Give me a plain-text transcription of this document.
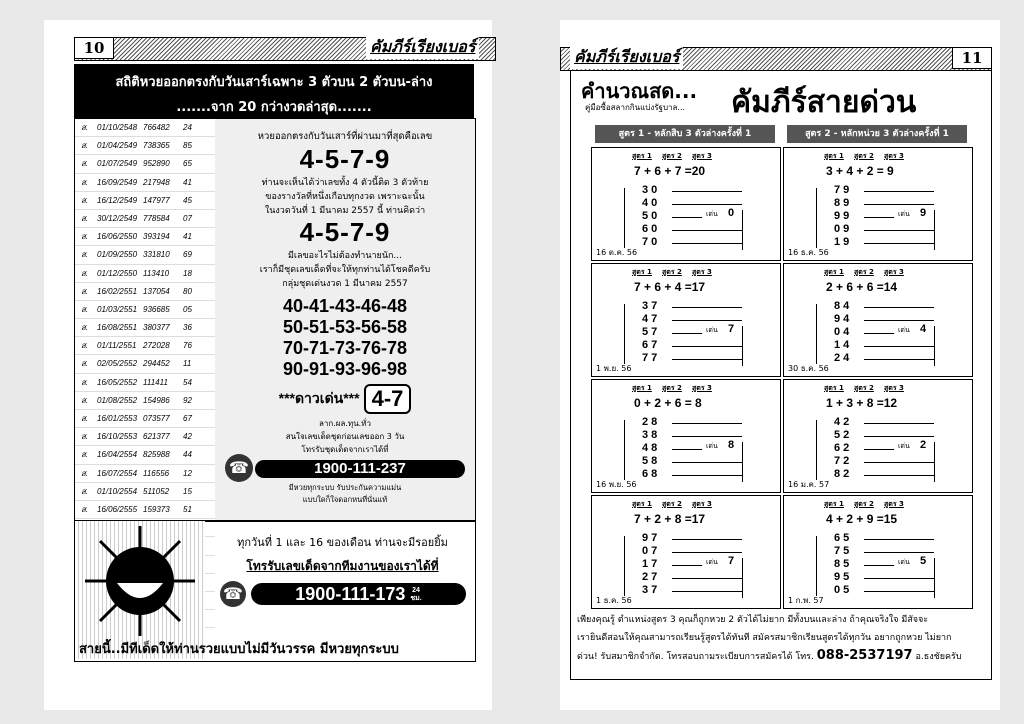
10	คัมภีร์เรียงเบอร์
สถิติหวยออกตรงกับวันเสาร์เฉพาะ 3 ตัวบน 2 ตัวบน-ล่าง
.......จาก 20 กว่างวดล่าสุด.......
ส.	01/10/2548 766482	24
ส.	01/04/2549 738365	85
ส.	01/07/2549 952890	65
ส.	16/09/2549 217948	41
ส.	16/12/2549 147977	45
ส.	30/12/2549 778584	07
ส.	16/06/2550 393194	41
ส.	01/09/2550 331810	69
ส.	01/12/2550 113410	18
ส.	16/02/2551 137054	80
ส.	01/03/2551 936685	05
ส.	16/08/2551 380377	36
ส.	01/11/2551 272028	76
ส.	02/05/2552 294452	11
ส.	16/05/2552 111411	54
ส.	01/08/2552 154986	92
ส.	16/01/2553 073577	67
ส.	16/10/2553 621377	42
ส.	16/04/2554 825988	44
ส.	16/07/2554 116556	12
ส.	01/10/2554 511052	15
ส.	16/06/2555 159373	51
หวยออกตรงกับวันเสาร์ที่ผ่านมาที่สุดคือเลข
4-5-7-9
ท่านจะเห็นได้ว่าเลขทั้ง 4 ตัวนี้ติด 3 ตัวท้าย
ของรางวัลที่หนึ่งเกือบทุกงวด เพราะฉะนั้น
ในงวดวันที่ 1 มีนาคม 2557 นี้ ท่านคิดว่า
4-5-7-9
มีเลขอะไรไม่ต้องทำนายนัก...
เราก็มีชุดเลขเด็ดที่จะให้ทุกท่านได้โชคดีครับ
กลุ่มชุดเด่นงวด 1 มีนาคม 2557
40-41-43-46-48
50-51-53-56-58
70-71-73-76-78
90-91-93-96-98
***ดาวเด่น*** 4-7
ลาก.ผล.ทุน.ทั่ว
สนใจเลขเด็ดชุดก่อนเลขออก 3 วัน
โทรรับชุดเด็ดจากเราได้ที่
☎	1900-111-237
มีหวยทุกระบบ รับประกันความแม่น
แบบใดก็ใจดอกหนที่นั่นแท้
ทุกวันที่ 1 และ 16 ของเดือน ท่านจะมีรอยยิ้ม
โทรรับเลขเด็ดจากทีมงานของเราได้ที่
☎	1900-111-173 24
ชม.
สายนี้..มีทีเด็ดให้ท่านรวยแบบไม่มีวันวรรค มีหวยทุกระบบ
คัมภีร์เรียงเบอร์	11
คำนวณสด...
คู่มือซื้อสลากกินแบ่งรัฐบาล... คัมภีร์สายด่วน
สูตร 1 - หลักสิบ 3 ตัวล่างครั้งที่ 1	สูตร 2 - หลักหน่วย 3 ตัวล่างครั้งที่ 1
สูตร 1 สูตร 2 สูตร 3
7 + 6 + 7 =20
3 0
4 0
5 0
6 0
7 0
เด่น 0
16 ต.ค. 56
สูตร 1 สูตร 2 สูตร 3
3 + 4 + 2 = 9
7 9
8 9
9 9
0 9
1 9
เด่น 9
16 ธ.ค. 56
สูตร 1 สูตร 2 สูตร 3
7 + 6 + 4 =17
3 7
4 7
5 7
6 7
7 7
เด่น 7
1 พ.ย. 56
สูตร 1 สูตร 2 สูตร 3
2 + 6 + 6 =14
8 4
9 4
0 4
1 4
2 4
เด่น 4
30 ธ.ค. 56
สูตร 1 สูตร 2 สูตร 3
0 + 2 + 6 = 8
2 8
3 8
4 8
5 8
6 8
เด่น 8
16 พ.ย. 56
สูตร 1 สูตร 2 สูตร 3
1 + 3 + 8 =12
4 2
5 2
6 2
7 2
8 2
เด่น 2
16 ม.ค. 57
สูตร 1 สูตร 2 สูตร 3
7 + 2 + 8 =17
9 7
0 7
1 7
2 7
3 7
เด่น 7
1 ธ.ค. 56
สูตร 1 สูตร 2 สูตร 3
4 + 2 + 9 =15
6 5
7 5
8 5
9 5
0 5
เด่น 5
1 ก.พ. 57
เพียงคุณรู้ ตำแหน่งสูตร 3 คุณก็ถูกหวย 2 ตัวได้ไม่ยาก มีทั้งบนและล่าง ถ้าคุณจริงใจ มีสัจจะ
เรายินดีสอนให้คุณสามารถเรียนรู้สูตรได้ทันที สมัครสมาชิกเรียนสูตรได้ทุกวัน อยากถูกหวย ไม่ยาก
ด่วน! รับสมาชิกจำกัด. โทรสอบถามระเบียบการสมัครได้ โทร. 088-2537197 อ.ธงชัยครับ
